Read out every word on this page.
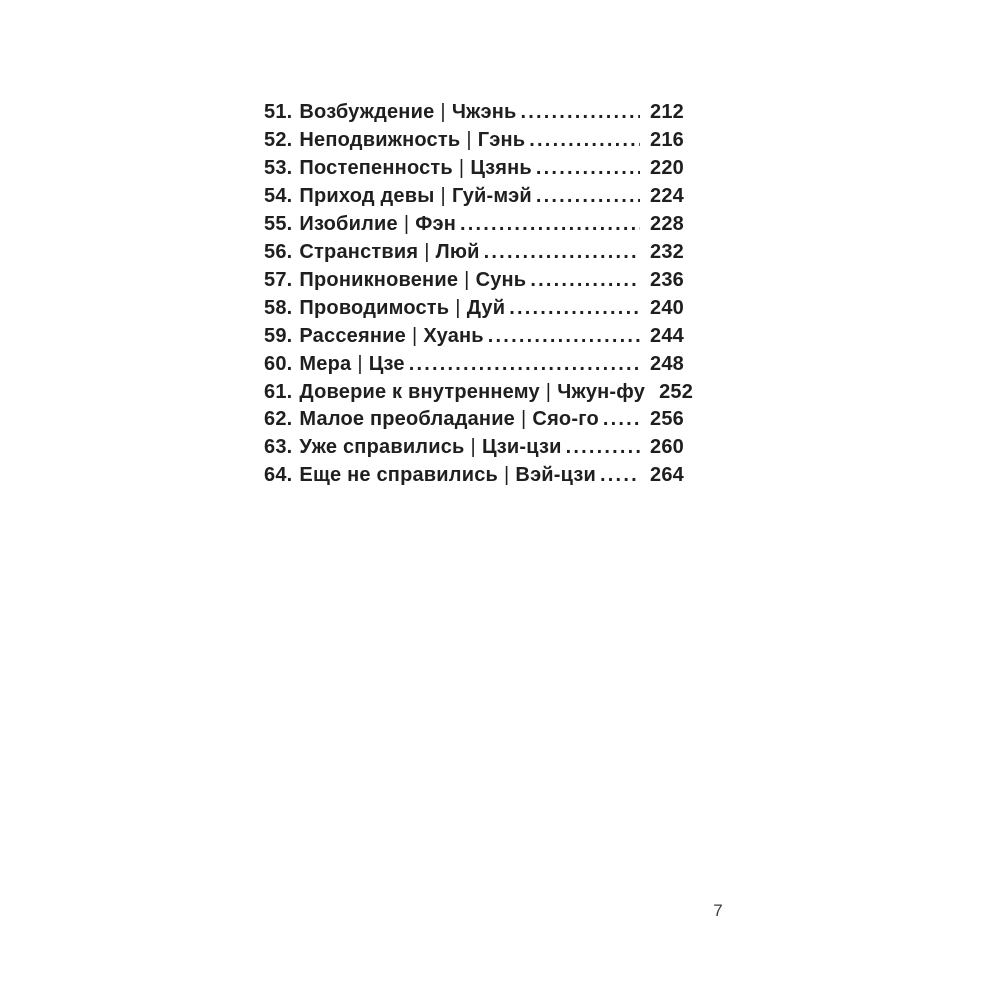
51. Возбуждение | Чжэнь .....	212
52. Неподвижность | Гэнь .....	216
53. Постепенность | Цзянь .....	220
54. Приход девы | Гуй-мэй .....	224
55. Изобилие | Фэн .....	228
56. Странствия | Люй .....	232
57. Проникновение | Сунь .....	236
58. Проводимость | Дуй .....	240
59. Рассеяние | Хуань .....	244
60. Мера | Цзе .....	248
61. Доверие к внутреннему | Чжун-фу 252
62. Малое преобладание | Сяо-го .....	256
63. Уже справились | Цзи-цзи .....	260
64. Еще не справились | Вэй-цзи .....	264
7
